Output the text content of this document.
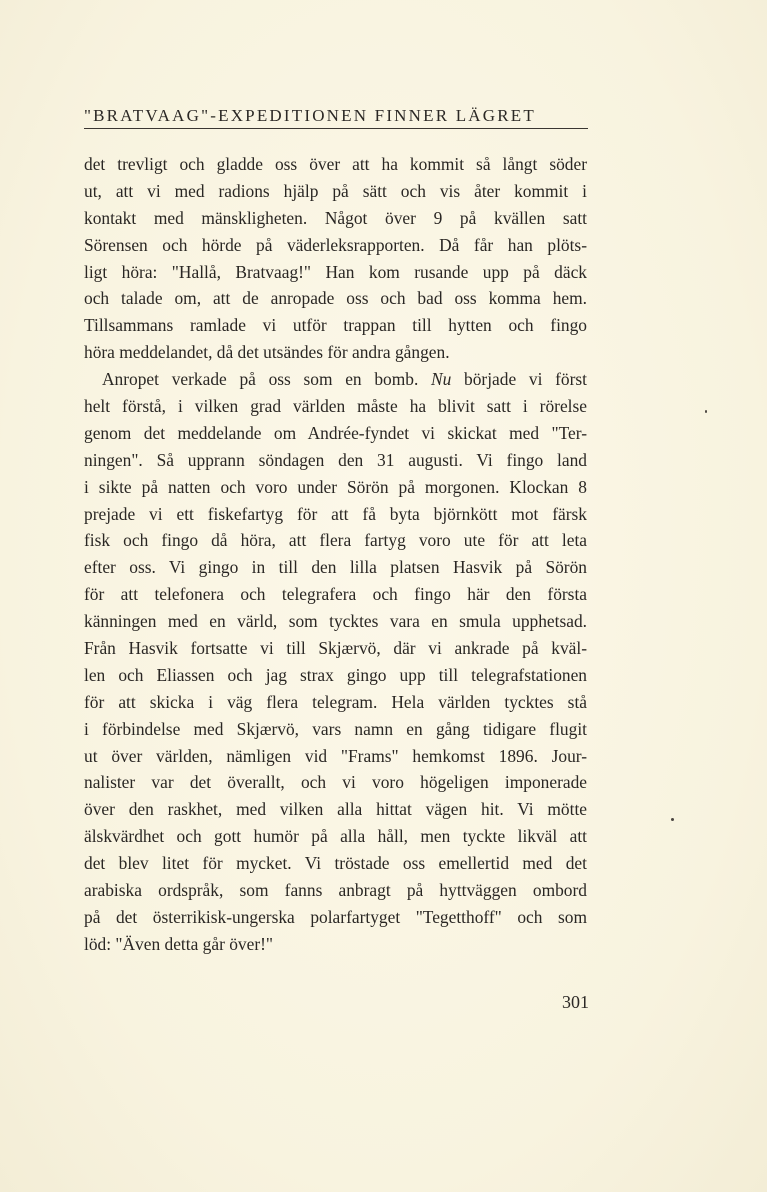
"BRATVAAG"-EXPEDITIONEN FINNER LÄGRET
det trevligt och gladde oss över att ha kommit så långt söder
ut, att vi med radions hjälp på sätt och vis åter kommit i
kontakt med mänskligheten. Något över 9 på kvällen satt
Sörensen och hörde på väderleksrapporten. Då får han plöts-
ligt höra: "Hallå, Bratvaag!" Han kom rusande upp på däck
och talade om, att de anropade oss och bad oss komma hem.
Tillsammans ramlade vi utför trappan till hytten och fingo
höra meddelandet, då det utsändes för andra gången.
Anropet verkade på oss som en bomb. Nu började vi först
helt förstå, i vilken grad världen måste ha blivit satt i rörelse
genom det meddelande om Andrée-fyndet vi skickat med "Ter-
ningen". Så upprann söndagen den 31 augusti. Vi fingo land
i sikte på natten och voro under Sörön på morgonen. Klockan 8
prejade vi ett fiskefartyg för att få byta björnkött mot färsk
fisk och fingo då höra, att flera fartyg voro ute för att leta
efter oss. Vi gingo in till den lilla platsen Hasvik på Sörön
för att telefonera och telegrafera och fingo här den första
känningen med en värld, som tycktes vara en smula upphetsad.
Från Hasvik fortsatte vi till Skjærvö, där vi ankrade på kväl-
len och Eliassen och jag strax gingo upp till telegrafstationen
för att skicka i väg flera telegram. Hela världen tycktes stå
i förbindelse med Skjærvö, vars namn en gång tidigare flugit
ut över världen, nämligen vid "Frams" hemkomst 1896. Jour-
nalister var det överallt, och vi voro högeligen imponerade
över den raskhet, med vilken alla hittat vägen hit. Vi mötte
älskvärdhet och gott humör på alla håll, men tyckte likväl att
det blev litet för mycket. Vi tröstade oss emellertid med det
arabiska ordspråk, som fanns anbragt på hyttväggen ombord
på det österrikisk-ungerska polarfartyget "Tegetthoff" och som
löd: "Även detta går över!"
301
